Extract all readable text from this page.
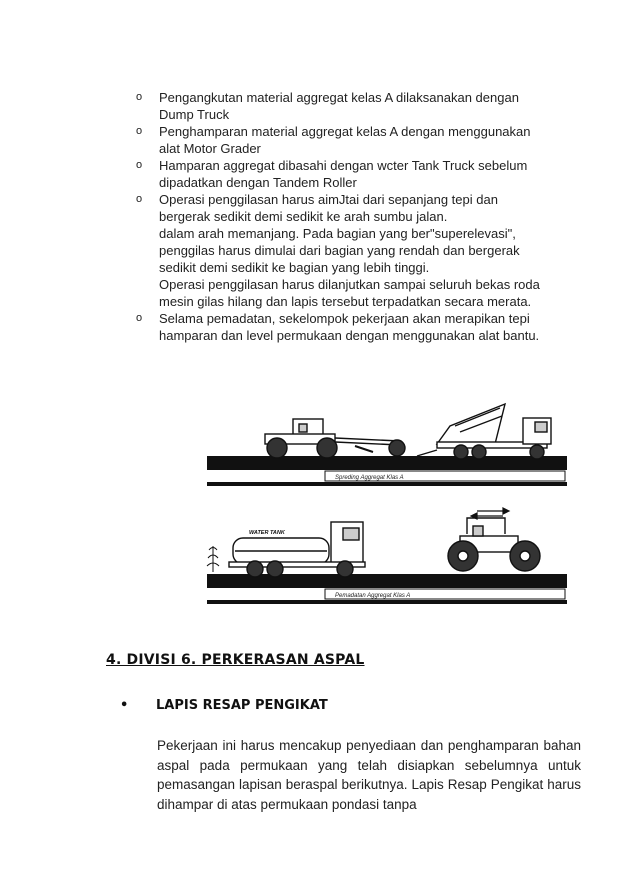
o Pengangkutan material aggregat kelas A dilaksanakan dengan

Dump Truck

o Penghamparan material aggregat kelas A dengan menggunakan

alat Motor Grader

o Hamparan aggregat dibasahi dengan wcter Tank Truck sebelum

dipadatkan dengan Tandem Roller

o Operasi penggilasan harus aimJtai dari sepanjang tepi dan

bergerak sedikit demi sedikit ke arah sumbu jalan.

dalam arah memanjang. Pada bagian yang ber"superelevasi",

penggilas harus dimulai dari bagian yang rendah dan bergerak

sedikit demi sedikit ke bagian yang lebih tinggi.

Operasi penggilasan harus dilanjutkan sampai seluruh bekas roda

mesin gilas hilang dan lapis tersebut terpadatkan secara merata.

o Selama pemadatan, sekelompok pekerjaan akan merapikan tepi

hamparan dan level permukaan dengan menggunakan alat bantu.

Spreding Aggregat Klas A
Pemadatan Aggregat Klas A
WATER TANK
4. DIVISI 6. PERKERASAN ASPAL
• LAPIS RESAP PENGIKAT
Pekerjaan ini harus mencakup penyediaan dan penghamparan bahan aspal pada permukaan yang telah disiapkan sebelumnya untuk pemasangan lapisan beraspal berikutnya. Lapis Resap Pengikat harus dihampar di atas permukaan pondasi tanpa
